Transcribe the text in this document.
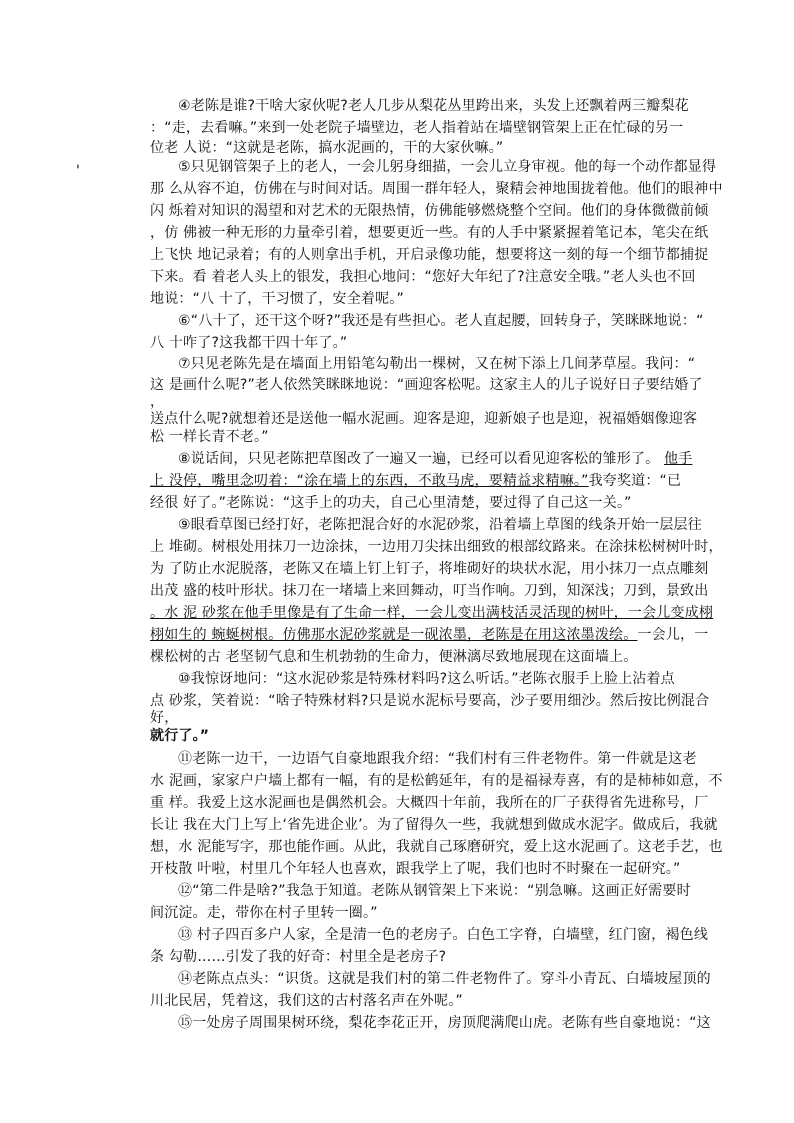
'
④老陈是谁?干啥大家伙呢?老人几步从梨花丛里跨出来，头发上还飘着两三瓣梨花
：“走，去看嘛。”来到一处老院子墙壁边，老人指着站在墙壁钢管架上正在忙碌的另一
位老 人说：“这就是老陈，搞水泥画的，干的大家伙嘛。”
⑤只见钢管架子上的老人，一会儿躬身细描，一会儿立身审视。他的每一个动作都显得
那 么从容不迫，仿佛在与时间对话。周围一群年轻人，聚精会神地围拢着他。他们的眼神中
闪 烁着对知识的渴望和对艺术的无限热情，仿佛能够燃烧整个空间。他们的身体微微前倾
，仿 佛被一种无形的力量牵引着，想要更近一些。有的人手中紧紧握着笔记本，笔尖在纸
上飞快 地记录着；有的人则拿出手机，开启录像功能，想要将这一刻的每一个细节都捕捉
下来。看 着老人头上的银发，我担心地问：“您好大年纪了?注意安全哦。”老人头也不回
地说：“八 十了，干习惯了，安全着呢。”
⑥“八十了，还干这个呀?”我还是有些担心。老人直起腰，回转身子，笑眯眯地说：“
八 十咋了?这我都干四十年了。”
⑦只见老陈先是在墙面上用铅笔勾勒出一棵树，又在树下添上几间茅草屋。我问：“
这 是画什么呢?”老人依然笑眯眯地说：“画迎客松呢。这家主人的儿子说好日子要结婚了
，
送点什么呢?就想着还是送他一幅水泥画。迎客是迎，迎新娘子也是迎，祝福婚姻像迎客
松 一样长青不老。”
⑧说话间，只见老陈把草图改了一遍又一遍，已经可以看见迎客松的雏形了。 他手
上 没停，嘴里念叨着：“涂在墙上的东西，不敢马虎，要精益求精嘛。”我夸奖道：“已
经很 好了。”老陈说：“这手上的功夫，自己心里清楚，要过得了自己这一关。”
⑨眼看草图已经打好，老陈把混合好的水泥砂浆，沿着墙上草图的线条开始一层层往
上 堆砌。树根处用抹刀一边涂抹，一边用刀尖抹出细致的根部纹路来。在涂抹松树树叶时，
为 了防止水泥脱落，老陈又在墙上钉上钉子，将堆砌好的块状水泥，用小抹刀一点点雕刻
出茂 盛的枝叶形状。抹刀在一堵墙上来回舞动，叮当作响。刀到，知深浅；刀到，景致出
。水 泥 砂浆在他手里像是有了生命一样，一会儿变出满枝活灵活现的树叶，一会儿变成栩
栩如生的 蜿蜒树根。仿佛那水泥砂浆就是一砚浓墨，老陈是在用这浓墨泼绘。一会儿，一
棵松树的古 老坚韧气息和生机勃勃的生命力，便淋漓尽致地展现在这面墙上。
⑩我惊讶地问：“这水泥砂浆是特殊材料吗?这么听话。”老陈衣服手上脸上沾着点
点 砂浆，笑着说：“啥子特殊材料?只是说水泥标号要高，沙子要用细沙。然后按比例混合
好，
就行了。”
⑪老陈一边干，一边语气自豪地跟我介绍：“我们村有三件老物件。第一件就是这老
水 泥画，家家户户墙上都有一幅，有的是松鹤延年，有的是福禄寿喜，有的是柿柿如意，不
重 样。我爱上这水泥画也是偶然机会。大概四十年前，我所在的厂子获得省先进称号，厂
长让 我在大门上写上‘省先进企业’。为了留得久一些，我就想到做成水泥字。做成后，我就
想，水 泥能写字，那也能作画。从此，我就自己琢磨研究，爱上这水泥画了。这老手艺，也
开枝散 叶啦，村里几个年轻人也喜欢，跟我学上了呢，我们也时不时聚在一起研究。”
⑫“第二件是啥?”我急于知道。老陈从钢管架上下来说：“别急嘛。这画正好需要时
间沉淀。走，带你在村子里转一圈。”
⑬ 村子四百多户人家，全是清一色的老房子。白色工字脊，白墙壁，红门窗，褐色线
条 勾勒……引发了我的好奇：村里全是老房子?
⑭老陈点点头：“识货。这就是我们村的第二件老物件了。穿斗小青瓦、白墙坡屋顶的
川北民居，凭着这，我们这的古村落名声在外呢。”
⑮一处房子周围果树环绕，梨花李花正开，房顶爬满爬山虎。老陈有些自豪地说：“这
